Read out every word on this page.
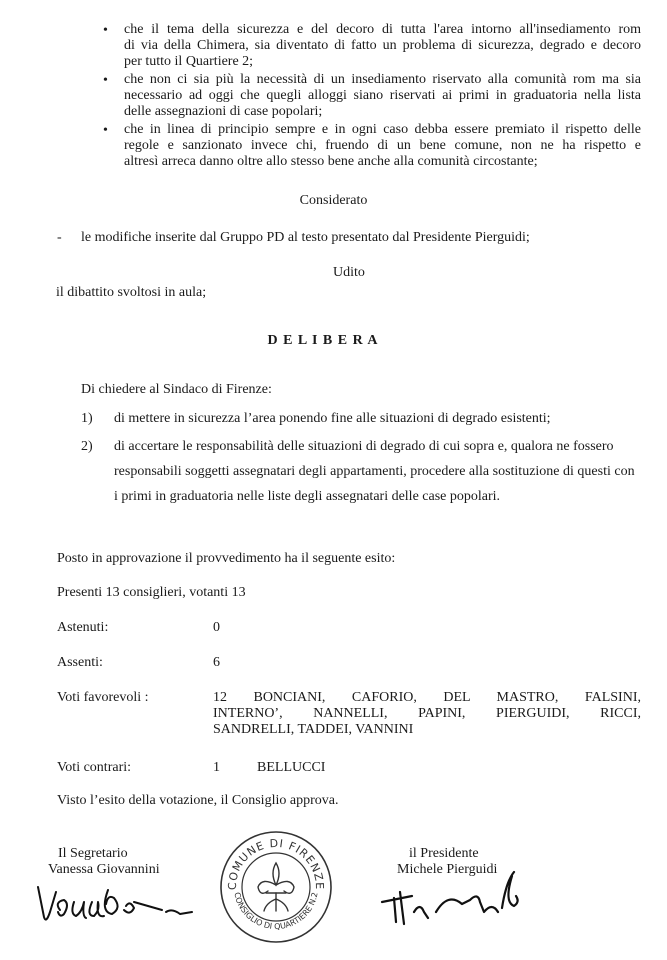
• che il tema della sicurezza e del decoro di tutta l'area intorno all'insediamento rom
di via della Chimera, sia diventato di fatto un problema di sicurezza, degrado e decoro
per tutto il Quartiere 2;
• che non ci sia più la necessità di un insediamento riservato alla comunità rom ma sia
necessario ad oggi che quegli alloggi siano riservati ai primi in graduatoria nella lista
delle assegnazioni di case popolari;
• che in linea di principio sempre e in ogni caso debba essere premiato il rispetto delle
regole e sanzionato invece chi, fruendo di un bene comune, non ne ha rispetto e
altresì arreca danno oltre allo stesso bene anche alla comunità circostante;
Considerato
- le modifiche inserite dal Gruppo PD al testo presentato dal Presidente Pierguidi;
Udito
il dibattito svoltosi in aula;
D E L I B E R A
Di chiedere al Sindaco di Firenze:
1) di mettere in sicurezza l’area ponendo fine alle situazioni di degrado esistenti;
2) di accertare le responsabilità delle situazioni di degrado di cui sopra e, qualora ne fossero
responsabili soggetti assegnatari degli appartamenti, procedere alla sostituzione di questi con
i primi in graduatoria nelle liste degli assegnatari delle case popolari.
Posto in approvazione il provvedimento ha il seguente esito:
Presenti 13 consiglieri, votanti 13
Astenuti:	0
Assenti:	6
Voti favorevoli :	12 BONCIANI, CAFORIO, DEL MASTRO, FALSINI,
INTERNO’, NANNELLI, PAPINI, PIERGUIDI, RICCI,
SANDRELLI, TADDEI, VANNINI
Voti contrari:	1	BELLUCCI
Visto l’esito della votazione, il Consiglio approva.
Il Segretario
Vanessa Giovannini
COMUNE DI FIRENZE
CONSIGLIO DI QUARTIERE N.2
il Presidente
Michele Pierguidi
